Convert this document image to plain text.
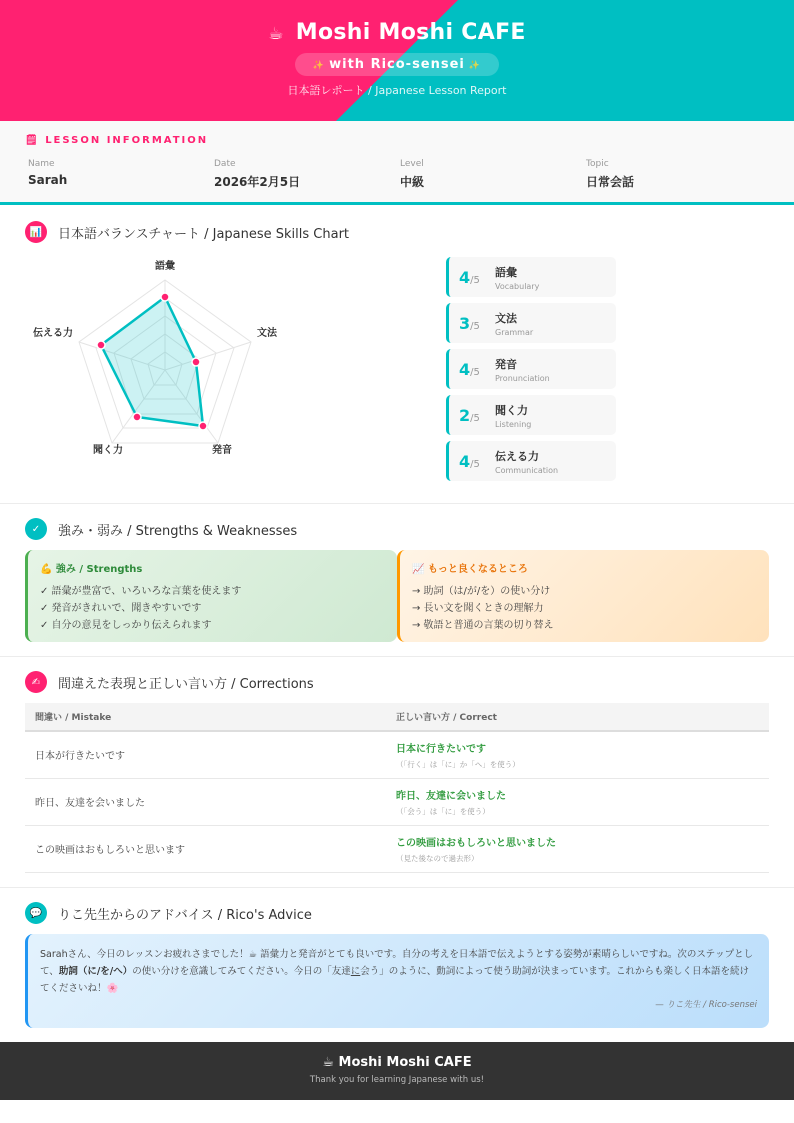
☕ Moshi Moshi CAFE
✨ with Rico-sensei ✨
日本語レポート / Japanese Lesson Report
🗒 LESSON INFORMATION
Name
Sarah
Date
2026年2月5日
Level
中級
Topic
日常会話
📊	日本語バランスチャート / Japanese Skills Chart
語彙
文法
発音
聞く力
伝える力
4/5
語彙
Vocabulary
3/5
文法
Grammar
4/5
発音
Pronunciation
2/5
聞く力
Listening
4/5
伝える力
Communication
✓	強み・弱み / Strengths & Weaknesses
💪 強み / Strengths
✓ 語彙が豊富で、いろいろな言葉を使えます
✓ 発音がきれいで、聞きやすいです
✓ 自分の意見をしっかり伝えられます
📈 もっと良くなるところ
→ 助詞（は/が/を）の使い分け
→ 長い文を聞くときの理解力
→ 敬語と普通の言葉の切り替え
✍	間違えた表現と正しい言い方 / Corrections
間違い / Mistake	正しい言い方 / Correct
日本が行きたいです	日本に行きたいです
（「行く」は「に」か「へ」を使う）

昨日、友達を会いました	昨日、友達に会いました
（「会う」は「に」を使う）

この映画はおもしろいと思います	この映画はおもしろいと思いました
（見た後なので過去形）
💬	りこ先生からのアドバイス / Rico's Advice
Sarahさん、今日のレッスンお疲れさまでした！☕ 語彙力と発音がとても良いです。自分の考えを日本語で伝えようとする姿勢が素晴らしいですね。次のステップとして、助詞（に/を/へ）の使い分けを意識してみてください。今日の「友達に会う」のように、動詞によって使う助詞が決まっています。これからも楽しく日本語を続けてくださいね！🌸
— りこ先生 / Rico-sensei
☕ Moshi Moshi CAFE
Thank you for learning Japanese with us!
